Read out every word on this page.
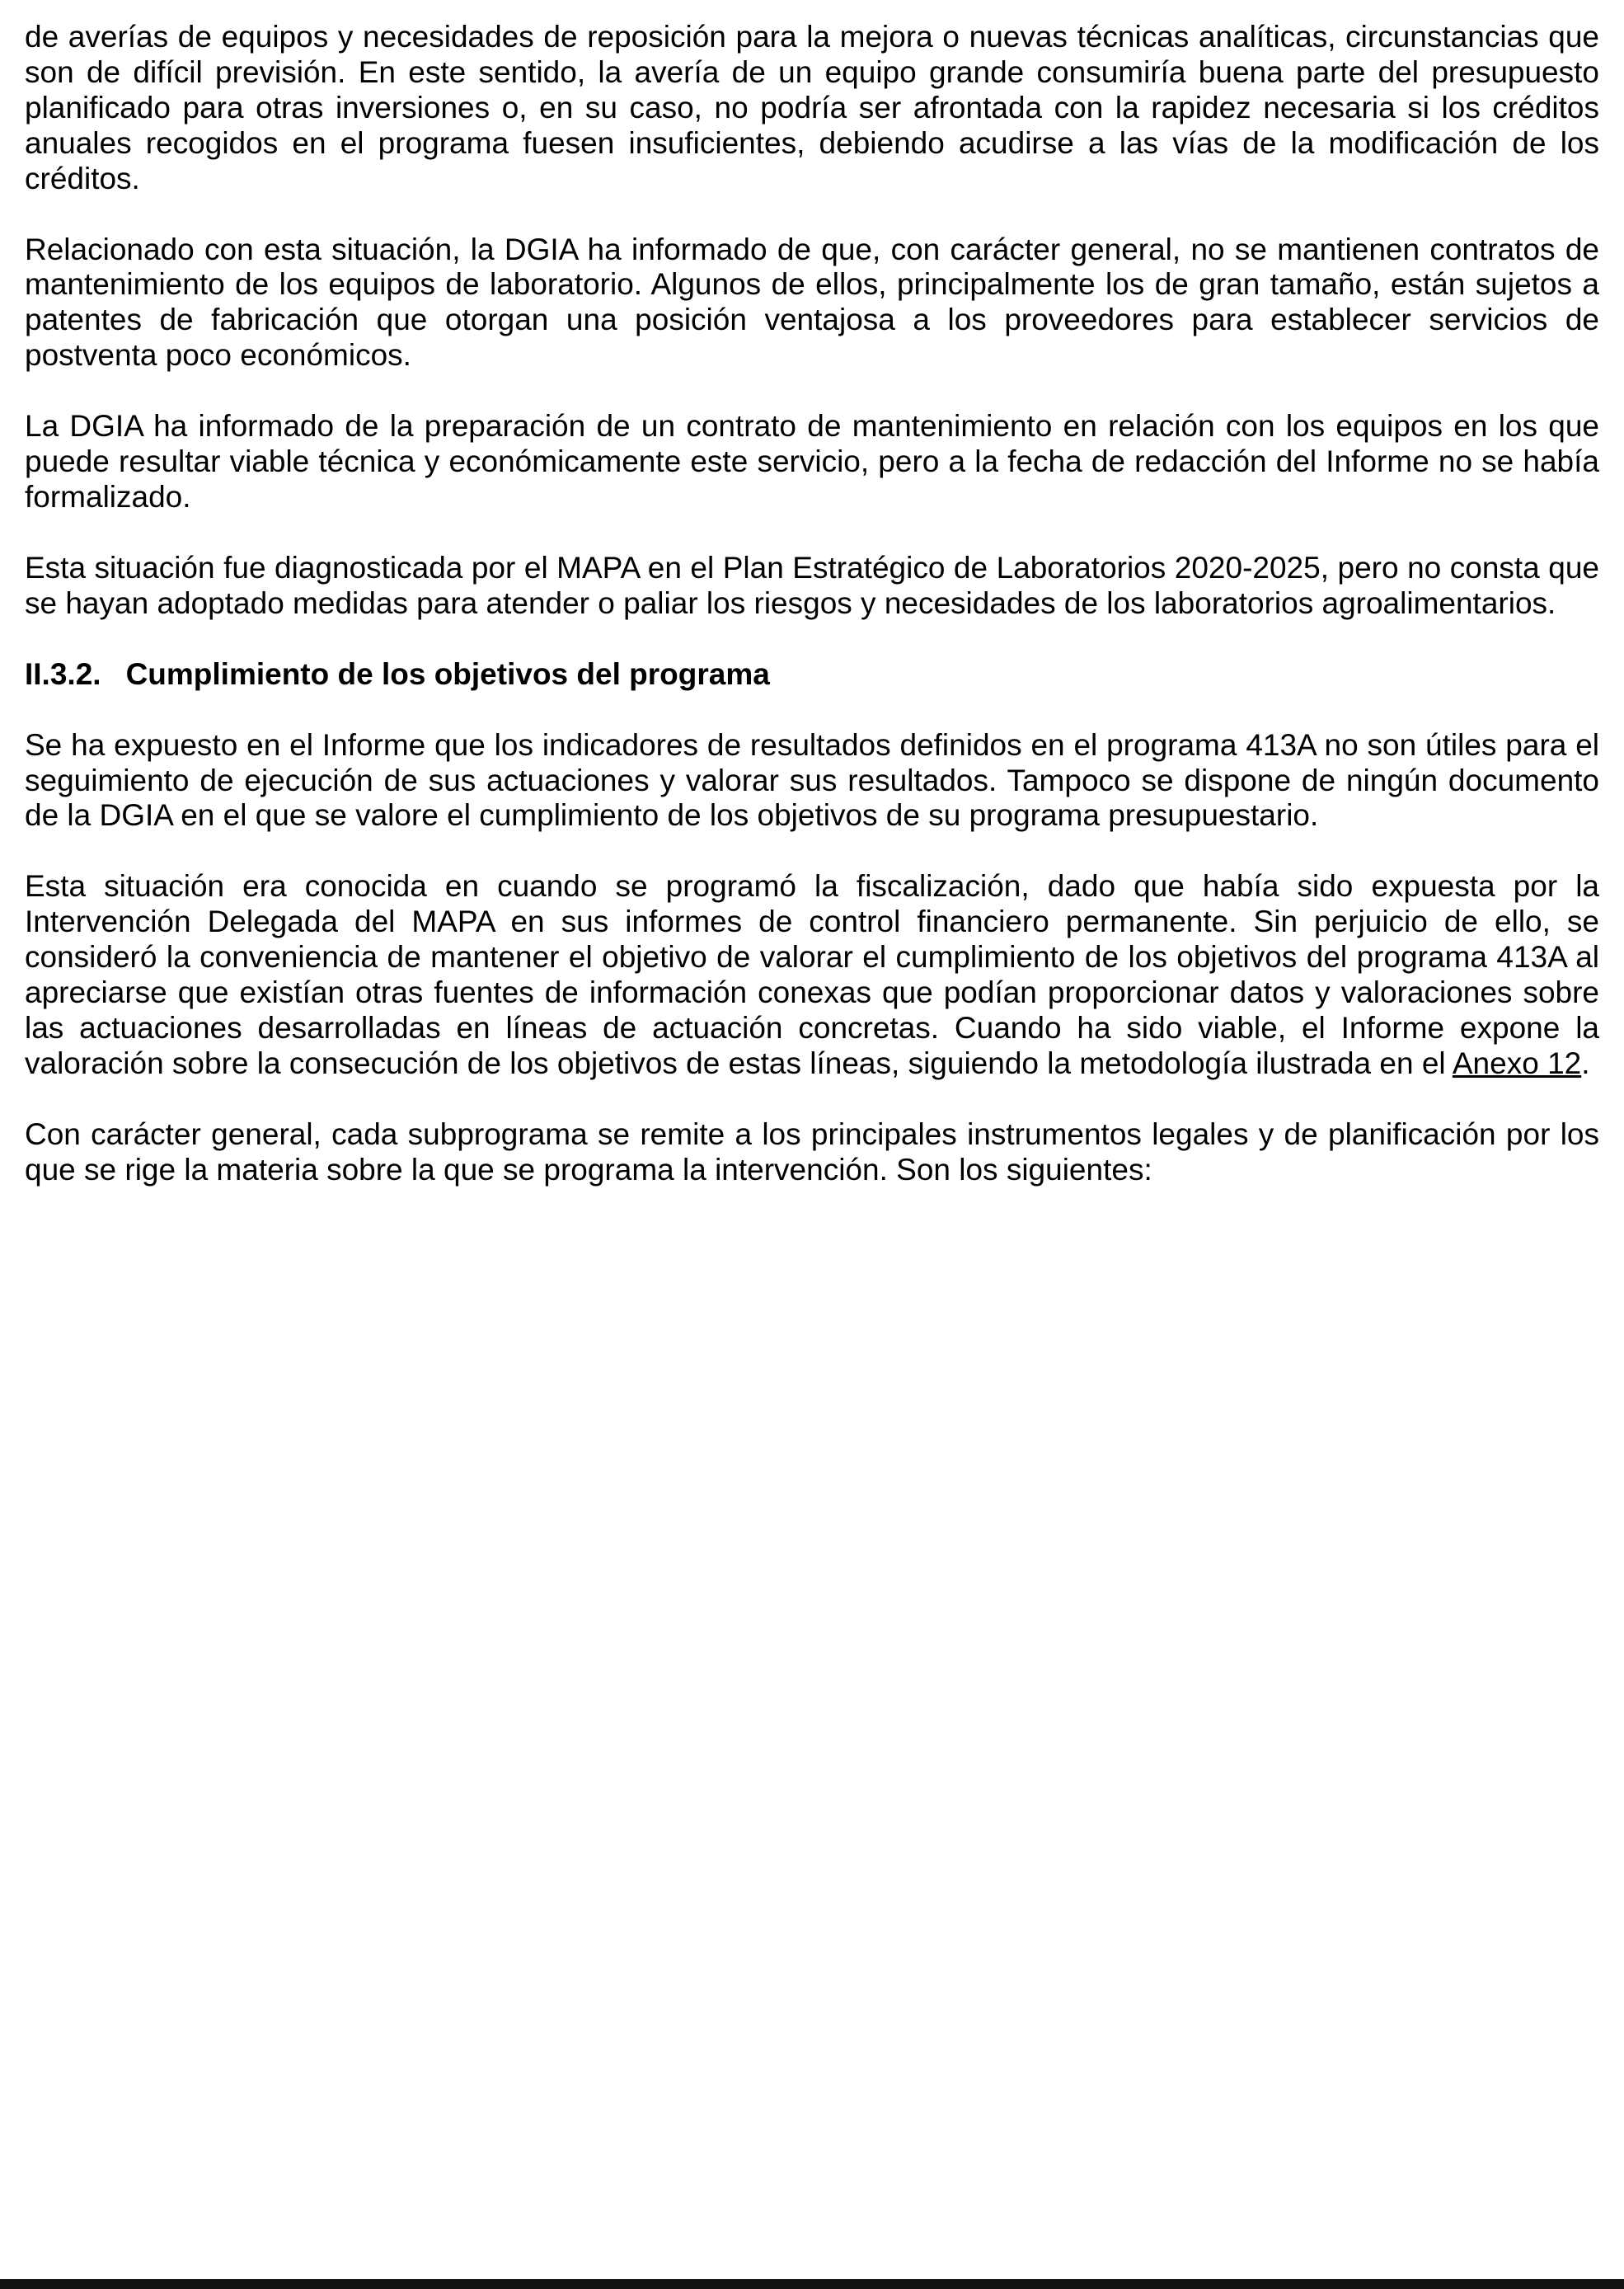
de averías de equipos y necesidades de reposición para la mejora o nuevas técnicas analíticas, circunstancias que son de difícil previsión. En este sentido, la avería de un equipo grande consumiría buena parte del presupuesto planificado para otras inversiones o, en su caso, no podría ser afrontada con la rapidez necesaria si los créditos anuales recogidos en el programa fuesen insuficientes, debiendo acudirse a las vías de la modificación de los créditos.

Relacionado con esta situación, la DGIA ha informado de que, con carácter general, no se mantienen contratos de mantenimiento de los equipos de laboratorio. Algunos de ellos, principalmente los de gran tamaño, están sujetos a patentes de fabricación que otorgan una posición ventajosa a los proveedores para establecer servicios de postventa poco económicos.

La DGIA ha informado de la preparación de un contrato de mantenimiento en relación con los equipos en los que puede resultar viable técnica y económicamente este servicio, pero a la fecha de redacción del Informe no se había formalizado.

Esta situación fue diagnosticada por el MAPA en el Plan Estratégico de Laboratorios 2020-2025, pero no consta que se hayan adoptado medidas para atender o paliar los riesgos y necesidades de los laboratorios agroalimentarios.

II.3.2. Cumplimiento de los objetivos del programa

Se ha expuesto en el Informe que los indicadores de resultados definidos en el programa 413A no son útiles para el seguimiento de ejecución de sus actuaciones y valorar sus resultados. Tampoco se dispone de ningún documento de la DGIA en el que se valore el cumplimiento de los objetivos de su programa presupuestario.

Esta situación era conocida en cuando se programó la fiscalización, dado que había sido expuesta por la Intervención Delegada del MAPA en sus informes de control financiero permanente. Sin perjuicio de ello, se consideró la conveniencia de mantener el objetivo de valorar el cumplimiento de los objetivos del programa 413A al apreciarse que existían otras fuentes de información conexas que podían proporcionar datos y valoraciones sobre las actuaciones desarrolladas en líneas de actuación concretas. Cuando ha sido viable, el Informe expone la valoración sobre la consecución de los objetivos de estas líneas, siguiendo la metodología ilustrada en el Anexo 12.

Con carácter general, cada subprograma se remite a los principales instrumentos legales y de planificación por los que se rige la materia sobre la que se programa la intervención. Son los siguientes:
